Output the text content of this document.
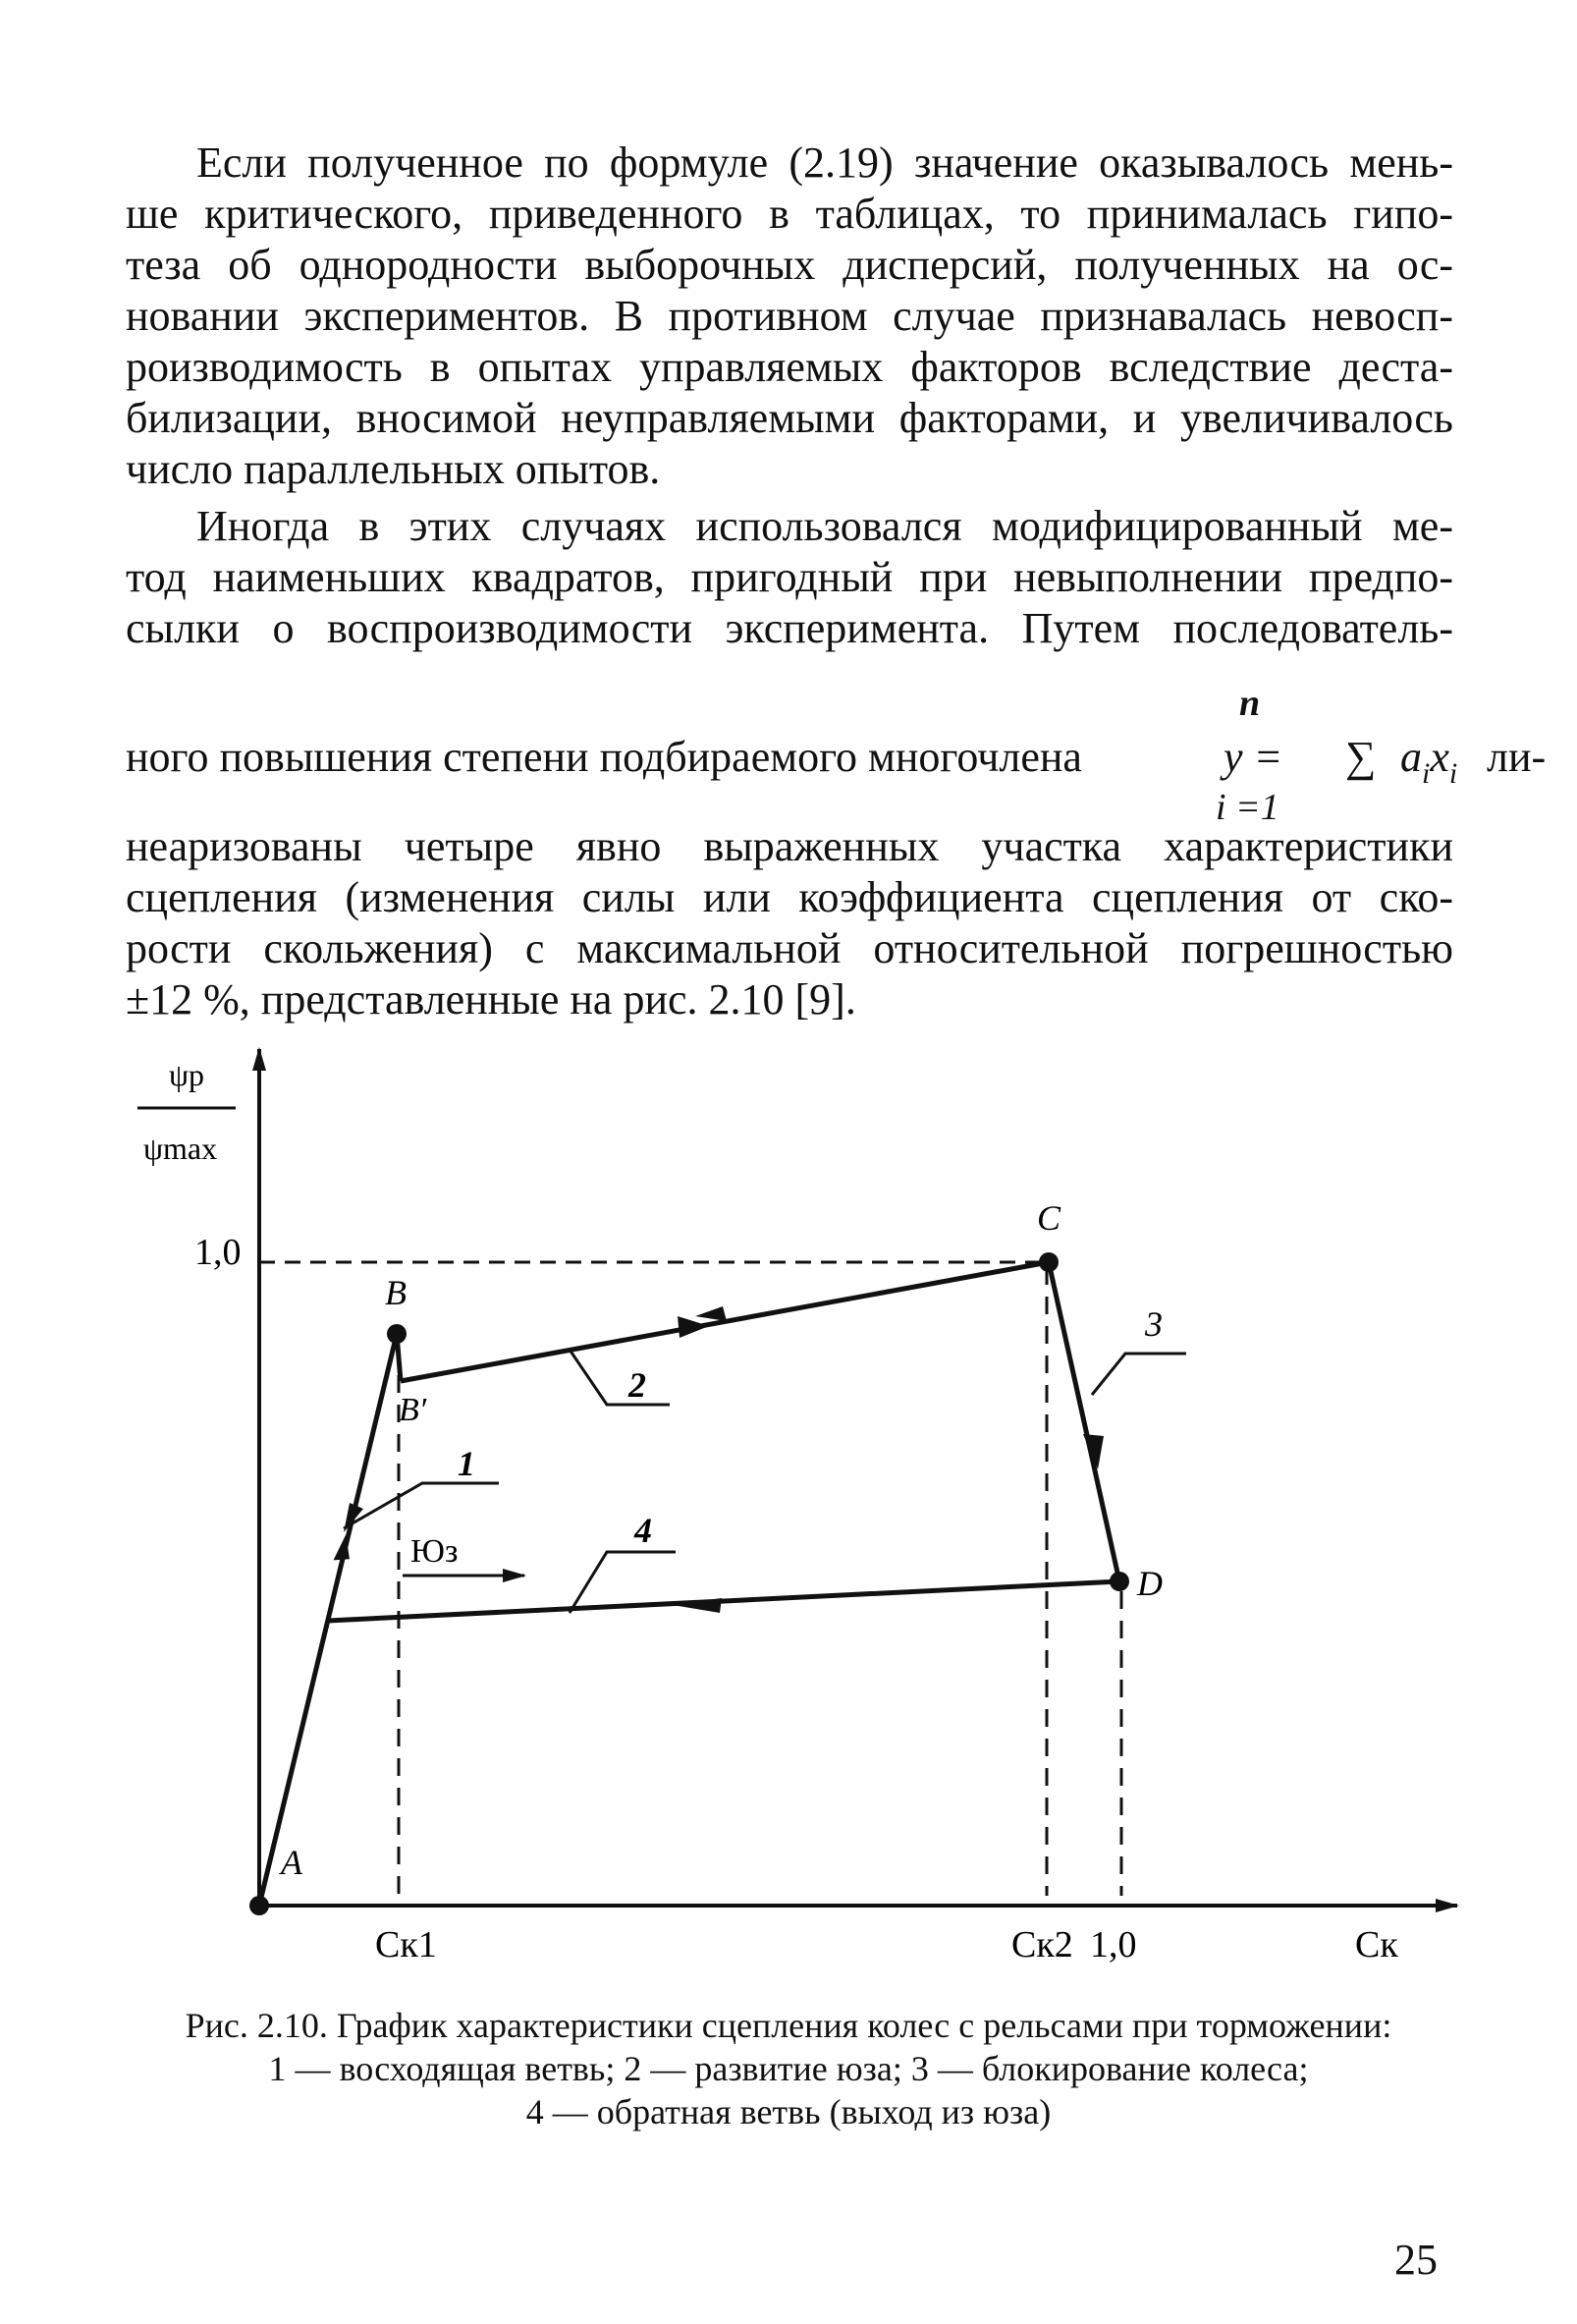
Если полученное по формуле (2.19) значение оказывалось мень-
ше критического, приведенного в таблицах, то принималась гипо-
теза об однородности выборочных дисперсий, полученных на ос-
новании экспериментов. В противном случае признавалась невосп-
роизводимость в опытах управляемых факторов вследствие деста-
билизации, вносимой неуправляемыми факторами, и увеличивалось
число параллельных опытов.

Иногда в этих случаях использовался модифицированный ме-
тод наименьших квадратов, пригодный при невыполнении предпо-
сылки о воспроизводимости эксперимента. Путем последователь-

n
ного повышения степени подбираемого многочлена	y = ∑ $a_ix_i$ ли-
i =1

неаризованы четыре явно выраженных участка характеристики
сцепления (изменения силы или коэффициента сцепления от ско-
рости скольжения) с максимальной относительной погрешностью
±12 %, представленные на рис. 2.10 [9].

ψр
ψmax
1,0
A
B
B′
C
D
1
2
3
4
Юз
Ск1	Ск2 1,0	Ск
Рис. 2.10. График характеристики сцепления колес с рельсами при торможении:
1 — восходящая ветвь; 2 — развитие юза; 3 — блокирование колеса;
4 — обратная ветвь (выход из юза)
25
